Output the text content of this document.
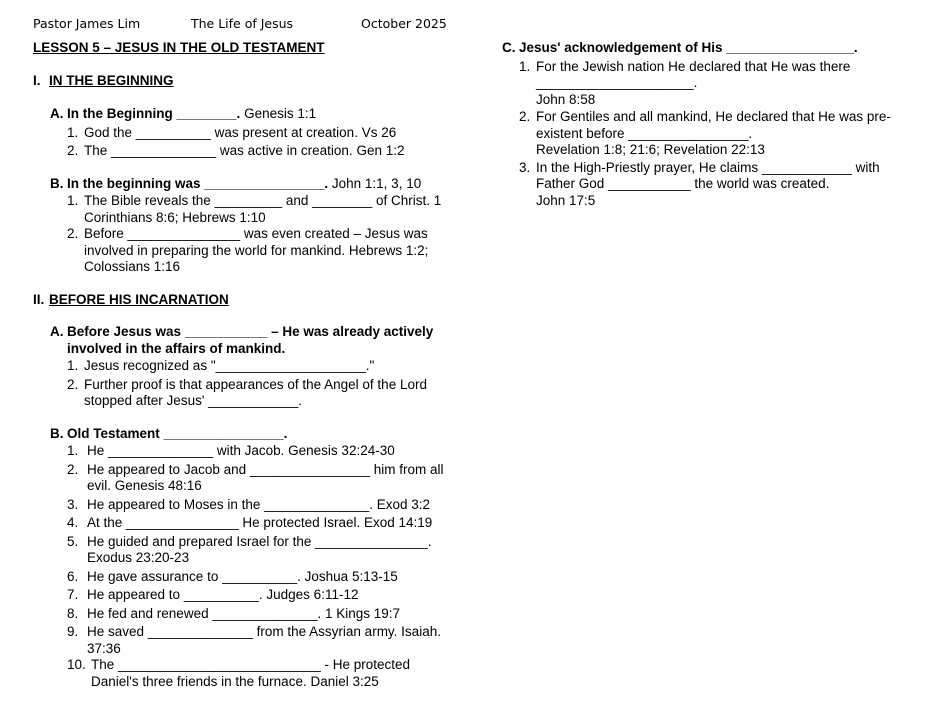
Pastor James Lim	The Life of Jesus	October 2025
LESSON 5 – JESUS IN THE OLD TESTAMENT
I. IN THE BEGINNING
A. In the Beginning ________. Genesis 1:1
1. God the __________ was present at creation. Vs 26
2. The ______________ was active in creation. Gen 1:2
B. In the beginning was ________________. John 1:1, 3, 10
1. The Bible reveals the _________ and ________ of Christ. 1 Corinthians 8:6; Hebrews 1:10
2. Before _______________ was even created – Jesus was involved in preparing the world for mankind. Hebrews 1:2; Colossians 1:16
II. BEFORE HIS INCARNATION
A. Before Jesus was ___________ – He was already actively involved in the affairs of mankind.
1. Jesus recognized as "____________________."
2. Further proof is that appearances of the Angel of the Lord stopped after Jesus' ____________.
B. Old Testament ________________.
1. He ______________ with Jacob. Genesis 32:24-30
2. He appeared to Jacob and ________________ him from all evil. Genesis 48:16
3. He appeared to Moses in the ______________. Exod 3:2
4. At the _______________ He protected Israel. Exod 14:19
5. He guided and prepared Israel for the _______________. Exodus 23:20-23
6. He gave assurance to __________. Joshua 5:13-15
7. He appeared to __________. Judges 6:11-12
8. He fed and renewed ______________. 1 Kings 19:7
9. He saved ______________ from the Assyrian army. Isaiah. 37:36
10. The ___________________________ - He protected Daniel's three friends in the furnace. Daniel 3:25
C. Jesus' acknowledgement of His _________________.
1. For the Jewish nation He declared that He was there _____________________.
John 8:58
2. For Gentiles and all mankind, He declared that He was pre-existent before ________________.
Revelation 1:8; 21:6; Revelation 22:13
3. In the High-Priestly prayer, He claims ____________ with Father God ___________ the world was created.
John 17:5
